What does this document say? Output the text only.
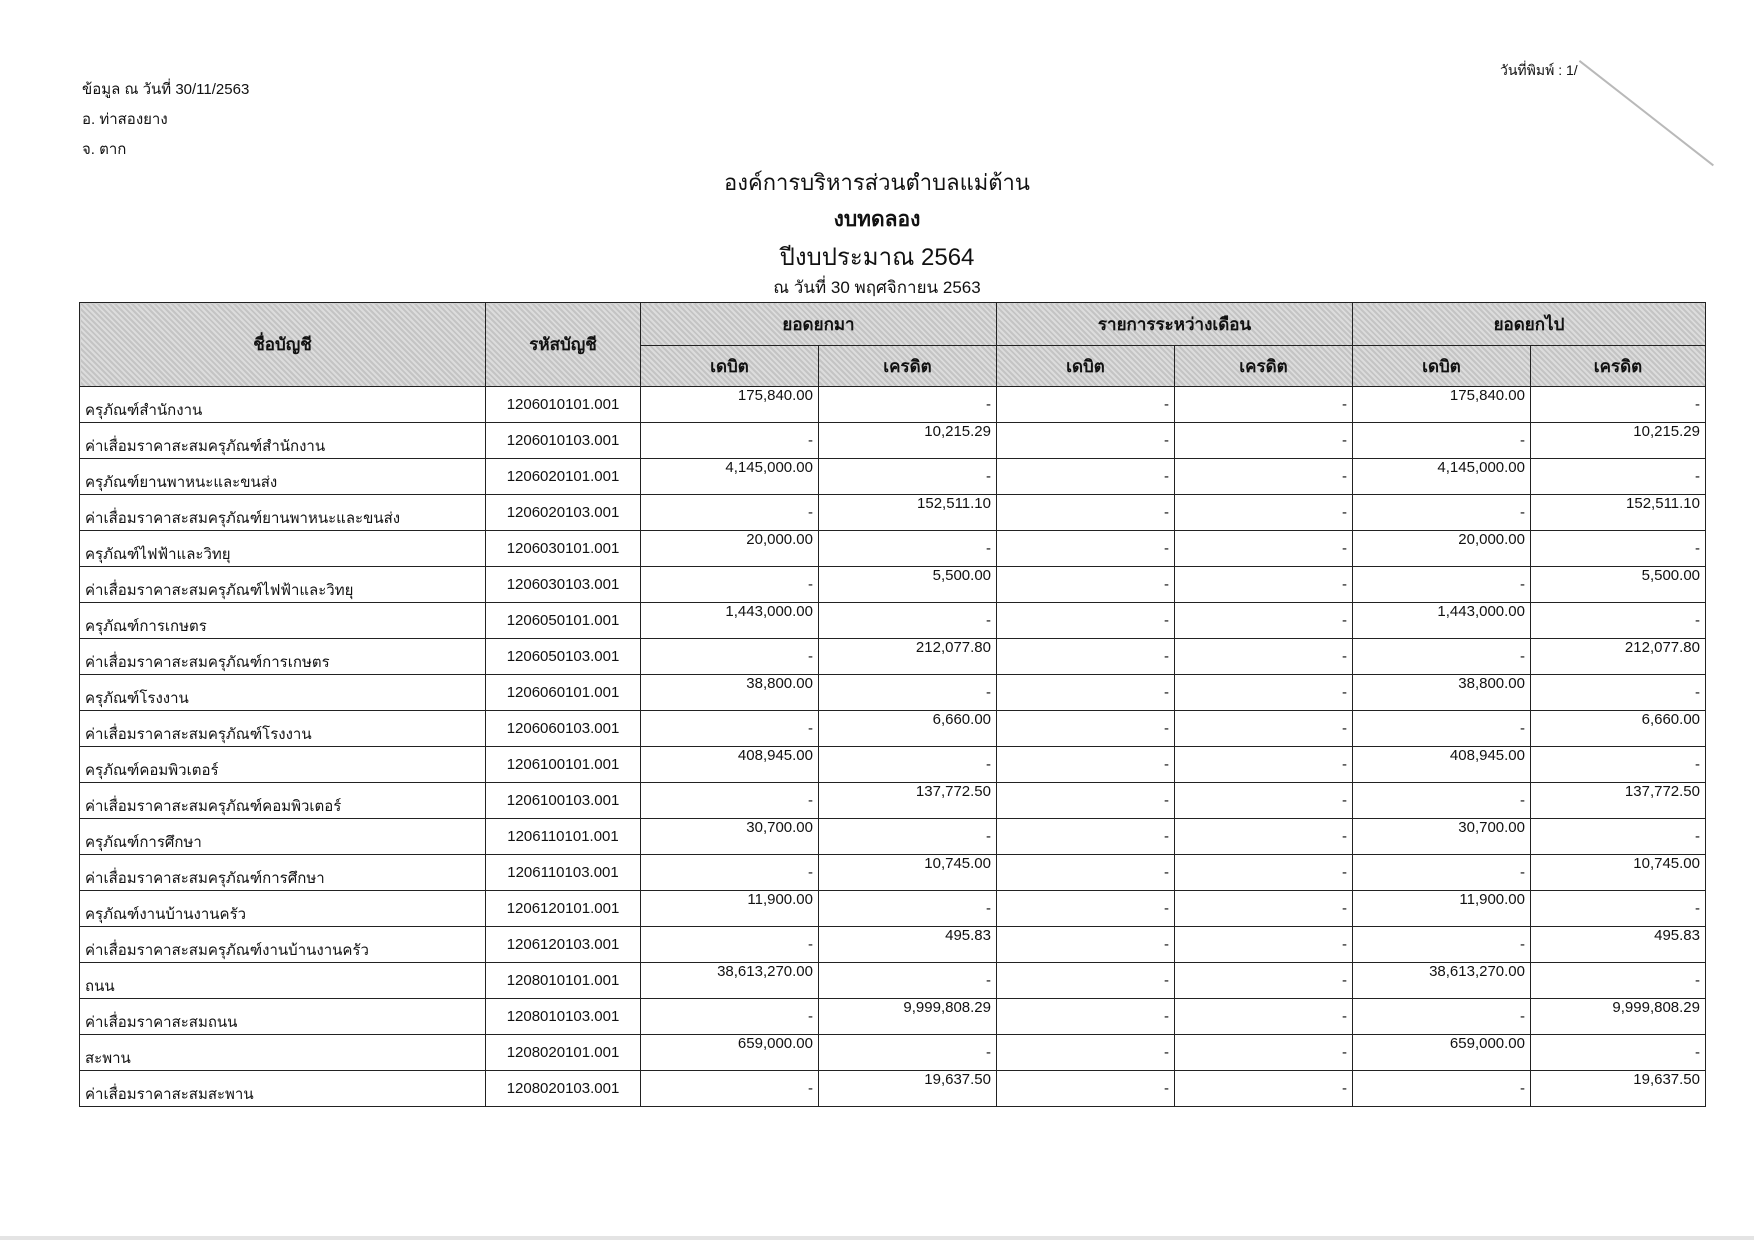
ข้อมูล ณ วันที่ 30/11/2563
อ. ท่าสองยาง
จ. ตาก
วันที่พิมพ์ : 1/
องค์การบริหารส่วนตำบลแม่ต้าน
งบทดลอง
ปีงบประมาณ 2564
ณ วันที่ 30 พฤศจิกายน 2563
ชื่อบัญชี	รหัสบัญชี	ยอดยกมา		รายการระหว่างเดือน		ยอดยกไป	
		เดบิต	เครดิต	เดบิต	เครดิต	เดบิต	เครดิต
ครุภัณฑ์สำนักงาน	1206010101.001	175,840.00	-	-	-	175,840.00	-
ค่าเสื่อมราคาสะสมครุภัณฑ์สำนักงาน	1206010103.001	-	10,215.29	-	-	-	10,215.29
ครุภัณฑ์ยานพาหนะและขนส่ง	1206020101.001	4,145,000.00	-	-	-	4,145,000.00	-
ค่าเสื่อมราคาสะสมครุภัณฑ์ยานพาหนะและขนส่ง	1206020103.001	-	152,511.10	-	-	-	152,511.10
ครุภัณฑ์ไฟฟ้าและวิทยุ	1206030101.001	20,000.00	-	-	-	20,000.00	-
ค่าเสื่อมราคาสะสมครุภัณฑ์ไฟฟ้าและวิทยุ	1206030103.001	-	5,500.00	-	-	-	5,500.00
ครุภัณฑ์การเกษตร	1206050101.001	1,443,000.00	-	-	-	1,443,000.00	-
ค่าเสื่อมราคาสะสมครุภัณฑ์การเกษตร	1206050103.001	-	212,077.80	-	-	-	212,077.80
ครุภัณฑ์โรงงาน	1206060101.001	38,800.00	-	-	-	38,800.00	-
ค่าเสื่อมราคาสะสมครุภัณฑ์โรงงาน	1206060103.001	-	6,660.00	-	-	-	6,660.00
ครุภัณฑ์คอมพิวเตอร์	1206100101.001	408,945.00	-	-	-	408,945.00	-
ค่าเสื่อมราคาสะสมครุภัณฑ์คอมพิวเตอร์	1206100103.001	-	137,772.50	-	-	-	137,772.50
ครุภัณฑ์การศึกษา	1206110101.001	30,700.00	-	-	-	30,700.00	-
ค่าเสื่อมราคาสะสมครุภัณฑ์การศึกษา	1206110103.001	-	10,745.00	-	-	-	10,745.00
ครุภัณฑ์งานบ้านงานครัว	1206120101.001	11,900.00	-	-	-	11,900.00	-
ค่าเสื่อมราคาสะสมครุภัณฑ์งานบ้านงานครัว	1206120103.001	-	495.83	-	-	-	495.83
ถนน	1208010101.001	38,613,270.00	-	-	-	38,613,270.00	-
ค่าเสื่อมราคาสะสมถนน	1208010103.001	-	9,999,808.29	-	-	-	9,999,808.29
สะพาน	1208020101.001	659,000.00	-	-	-	659,000.00	-
ค่าเสื่อมราคาสะสมสะพาน	1208020103.001	-	19,637.50	-	-	-	19,637.50
